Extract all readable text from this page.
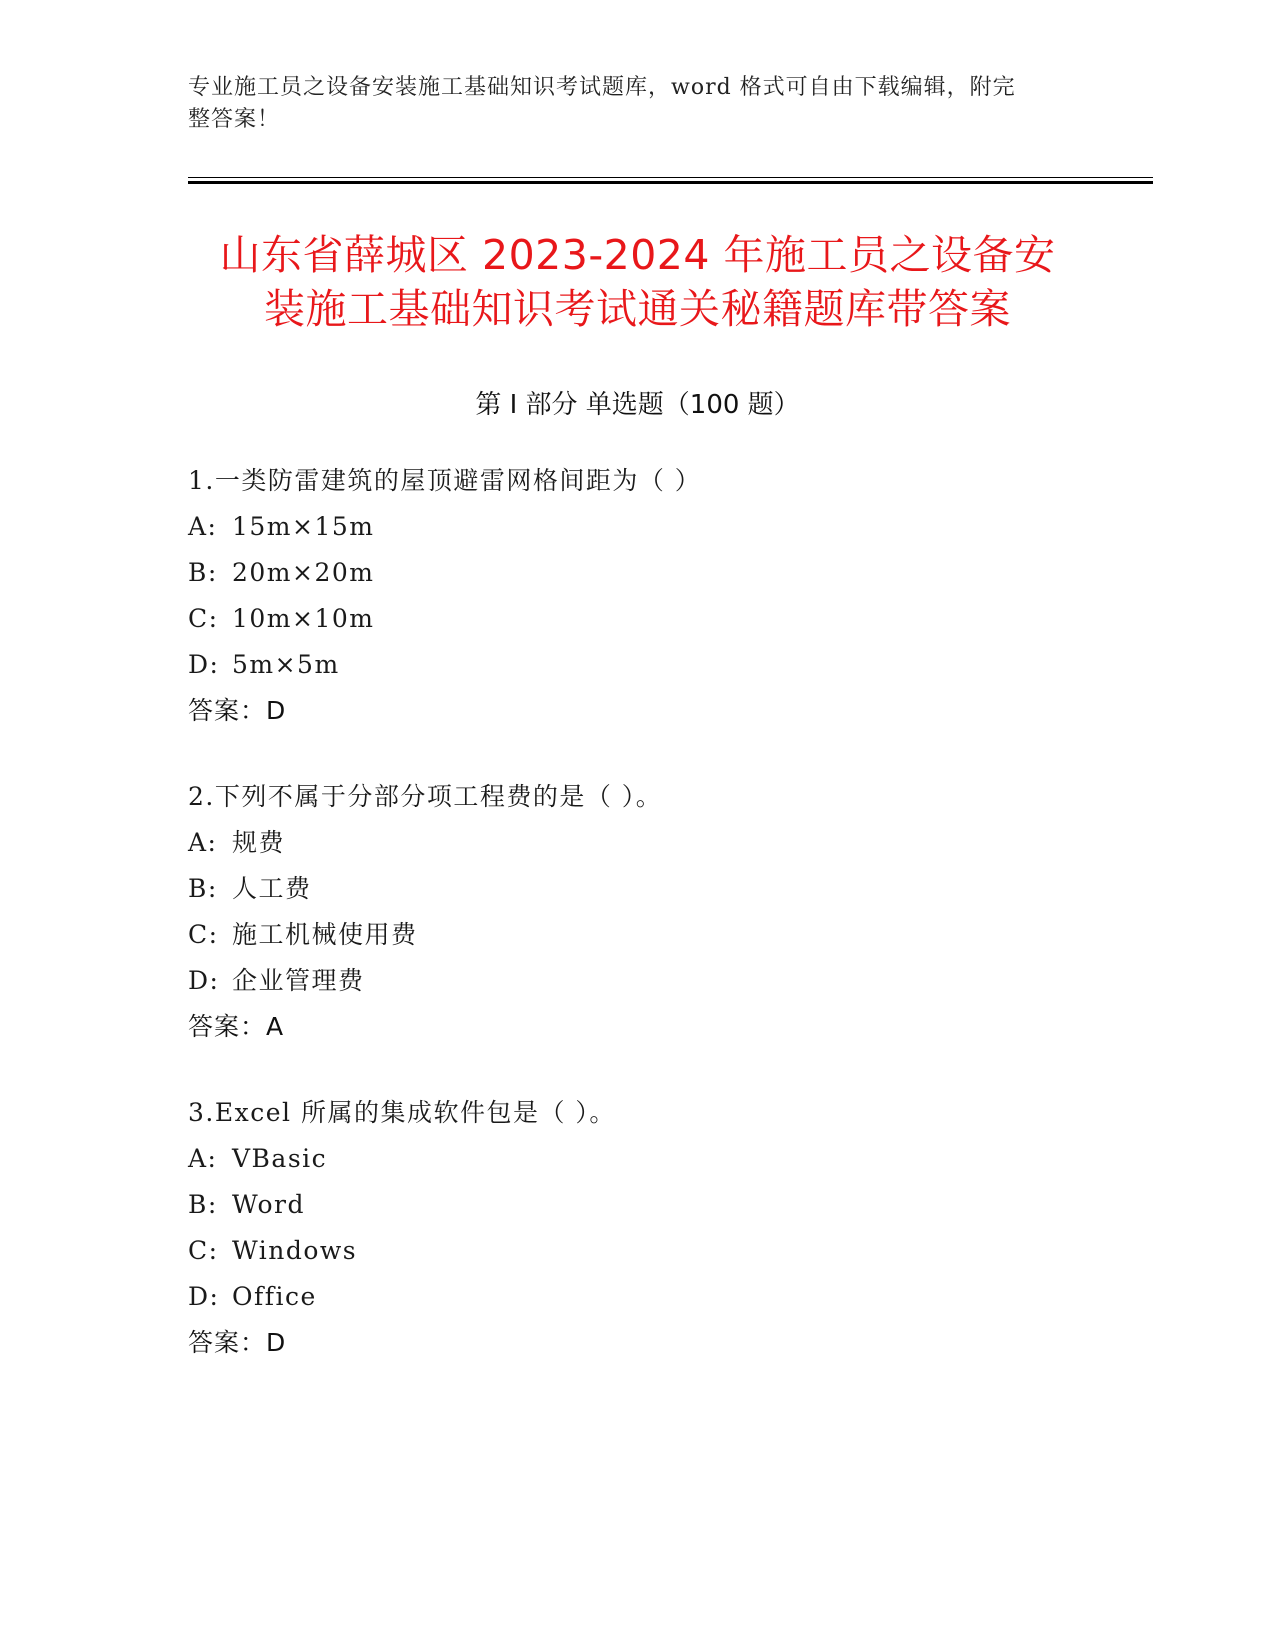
专业施工员之设备安装施工基础知识考试题库，word 格式可自由下载编辑，附完
整答案！
山东省薛城区 2023-2024 年施工员之设备安
装施工基础知识考试通关秘籍题库带答案
第 I 部分 单选题（100 题）
1.一类防雷建筑的屋顶避雷网格间距为（ ）
A: 15m×15m
B: 20m×20m
C: 10m×10m
D: 5m×5m
答案：D
2.下列不属于分部分项工程费的是（ ）。
A: 规费
B: 人工费
C: 施工机械使用费
D: 企业管理费
答案：A
3.Excel 所属的集成软件包是（ ）。
A: VBasic
B: Word
C: Windows
D: Office
答案：D
